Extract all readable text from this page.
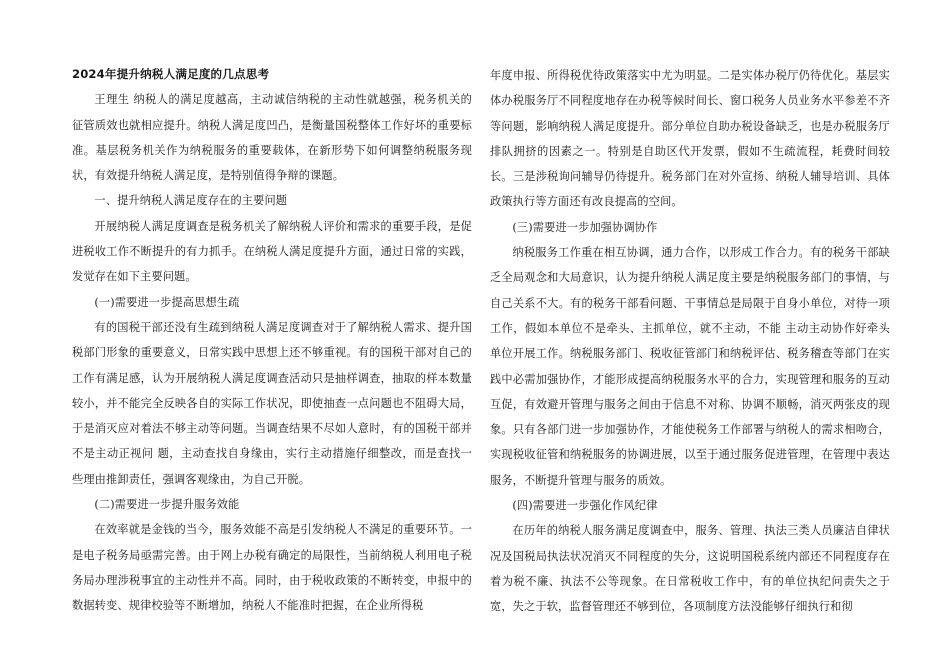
2024年提升纳税人满足度的几点思考

王理生 纳税人的满足度越高，主动诚信纳税的主动性就越强，税务机关的征管质效也就相应提升。纳税人满足度凹凸，是衡量国税整体工作好坏的重要标准。基层税务机关作为纳税服务的重要载体，在新形势下如何调整纳税服务现状，有效提升纳税人满足度，是特别值得争辩的课题。

一、提升纳税人满足度存在的主要问题

开展纳税人满足度调查是税务机关了解纳税人评价和需求的重要手段，是促进税收工作不断提升的有力抓手。在纳税人满足度提升方面，通过日常的实践，发觉存在如下主要问题。

(一)需要进一步提高思想生疏

有的国税干部还没有生疏到纳税人满足度调查对于了解纳税人需求、提升国税部门形象的重要意义，日常实践中思想上还不够重视。有的国税干部对自己的工作有满足感，认为开展纳税人满足度调查活动只是抽样调查，抽取的样本数量较小，并不能完全反映各自的实际工作状况，即使抽查一点问题也不阻碍大局，于是消灭应对着法不够主动等问题。当调查结果不尽如人意时，有的国税干部并不是主动正视问 题，主动查找自身缘由，实行主动措施仔细整改，而是查找一些理由推卸责任，强调客观缘由，为自己开脱。

(二)需要进一步提升服务效能

在效率就是金钱的当今，服务效能不高是引发纳税人不满足的重要环节。一是电子税务局亟需完善。由于网上办税有确定的局限性，当前纳税人利用电子税务局办理涉税事宜的主动性并不高。同时，由于税收政策的不断转变，申报中的数据转变、规律校验等不断增加，纳税人不能准时把握，在企业所得税

年度申报、所得税优待政策落实中尤为明显。二是实体办税厅仍待优化。基层实体办税服务厅不同程度地存在办税等候时间长、窗口税务人员业务水平参差不齐等问题，影响纳税人满足度提升。部分单位自助办税设备缺乏，也是办税服务厅排队拥挤的因素之一。特别是自助区代开发票，假如不生疏流程，耗费时间较长。三是涉税询问辅导仍待提升。税务部门在对外宣扬、纳税人辅导培训、具体政策执行等方面还有改良提高的空间。

(三)需要进一步加强协调协作

纳税服务工作重在相互协调，通力合作，以形成工作合力。有的税务干部缺乏全局观念和大局意识，认为提升纳税人满足度主要是纳税服务部门的事情，与自己关系不大。有的税务干部看问题、干事情总是局限于自身小单位，对待一项工作，假如本单位不是牵头、主抓单位，就不主动，不能 主动主动协作好牵头单位开展工作。纳税服务部门、税收征管部门和纳税评估、税务稽查等部门在实践中必需加强协作，才能形成提高纳税服务水平的合力，实现管理和服务的互动互促，有效避开管理与服务之间由于信息不对称、协调不顺畅，消灭两张皮的现象。只有各部门进一步加强协作，才能使税务工作部署与纳税人的需求相吻合，实现税收征管和纳税服务的协调进展，以至于通过服务促进管理，在管理中表达服务，不断提升管理与服务的质效。

(四)需要进一步强化作风纪律

在历年的纳税人服务满足度调查中，服务、管理、执法三类人员廉洁自律状况及国税局执法状况消灭不同程度的失分，这说明国税系统内部还不同程度存在着为税不廉、执法不公等现象。在日常税收工作中，有的单位执纪问责失之于宽，失之于软，监督管理还不够到位，各项制度方法没能够仔细执行和彻
